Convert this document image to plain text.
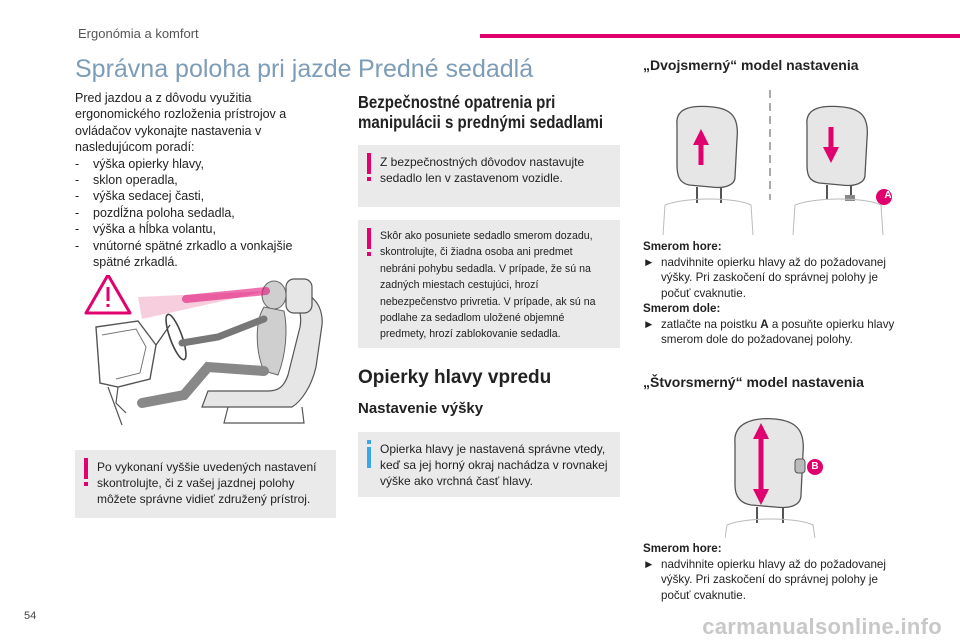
Ergonómia a komfort
Správna poloha pri jazde
Pred jazdou a z dôvodu využitia ergonomického rozloženia prístrojov a ovládačov vykonajte nastavenia v nasledujúcom poradí:
- výška opierky hlavy,
- sklon operadla,
- výška sedacej časti,
- pozdĺžna poloha sedadla,
- výška a hĺbka volantu,
- vnútorné spätné zrkadlo a vonkajšie spätné zrkadlá.
Po vykonaní vyššie uvedených nastavení skontrolujte, či z vašej jazdnej polohy môžete správne vidieť združený prístroj.
Predné sedadlá
Bezpečnostné opatrenia pri manipulácii s prednými sedadlami
Z bezpečnostných dôvodov nastavujte sedadlo len v zastavenom vozidle.
Skôr ako posuniete sedadlo smerom dozadu, skontrolujte, či žiadna osoba ani predmet nebráni pohybu sedadla. V prípade, že sú na zadných miestach cestujúci, hrozí nebezpečenstvo privretia. V prípade, ak sú na podlahe za sedadlom uložené objemné predmety, hrozí zablokovanie sedadla.
Opierky hlavy vpredu
Nastavenie výšky
Opierka hlavy je nastavená správne vtedy, keď sa jej horný okraj nachádza v rovnakej výške ako vrchná časť hlavy.
„Dvojsmerný“ model nastavenia
A
Smerom hore:
► nadvihnite opierku hlavy až do požadovanej výšky. Pri zaskočení do správnej polohy je počuť cvaknutie.
Smerom dole:
► zatlačte na poistku A a posuňte opierku hlavy smerom dole do požadovanej polohy.
„Štvorsmerný“ model nastavenia
B
Smerom hore:
► nadvihnite opierku hlavy až do požadovanej výšky. Pri zaskočení do správnej polohy je počuť cvaknutie.
54	carmanualsonline.info
